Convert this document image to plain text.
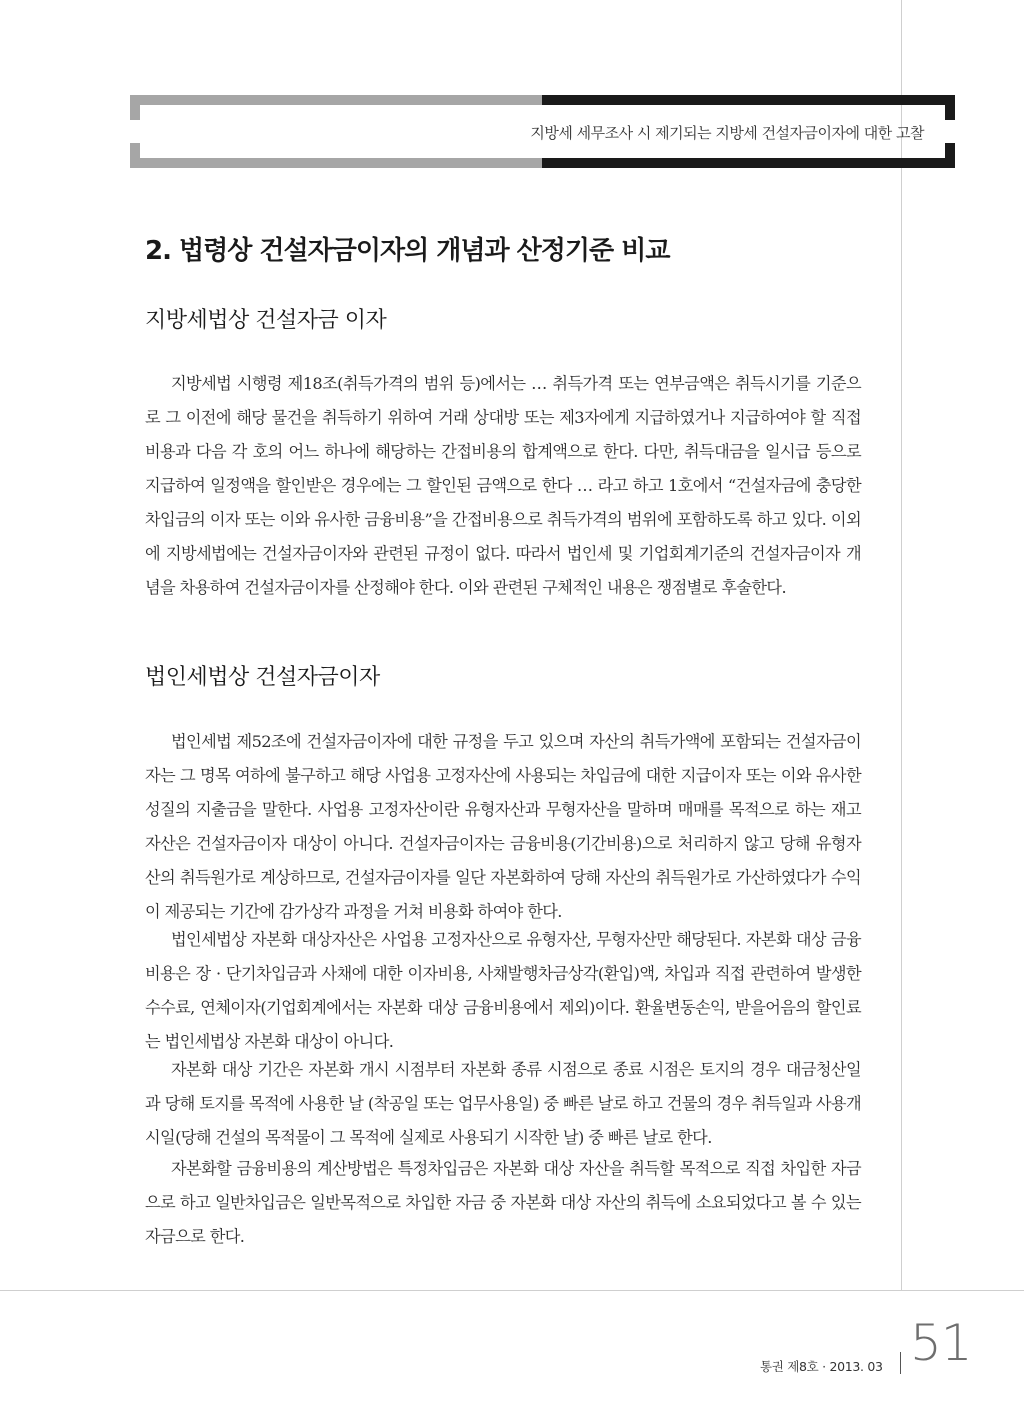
지방세 세무조사 시 제기되는 지방세 건설자금이자에 대한 고찰
2. 법령상 건설자금이자의 개념과 산정기준 비교
지방세법상 건설자금 이자

지방세법 시행령 제18조(취득가격의 범위 등)에서는 … 취득가격 또는 연부금액은 취득시기를 기준으로 그 이전에 해당 물건을 취득하기 위하여 거래 상대방 또는 제3자에게 지급하였거나 지급하여야 할 직접비용과 다음 각 호의 어느 하나에 해당하는 간접비용의 합계액으로 한다. 다만, 취득대금을 일시급 등으로 지급하여 일정액을 할인받은 경우에는 그 할인된 금액으로 한다 … 라고 하고 1호에서 “건설자금에 충당한 차입금의 이자 또는 이와 유사한 금융비용”을 간접비용으로 취득가격의 범위에 포함하도록 하고 있다. 이외에 지방세법에는 건설자금이자와 관련된 규정이 없다. 따라서 법인세 및 기업회계기준의 건설자금이자 개념을 차용하여 건설자금이자를 산정해야 한다. 이와 관련된 구체적인 내용은 쟁점별로 후술한다.

법인세법상 건설자금이자

법인세법 제52조에 건설자금이자에 대한 규정을 두고 있으며 자산의 취득가액에 포함되는 건설자금이자는 그 명목 여하에 불구하고 해당 사업용 고정자산에 사용되는 차입금에 대한 지급이자 또는 이와 유사한 성질의 지출금을 말한다. 사업용 고정자산이란 유형자산과 무형자산을 말하며 매매를 목적으로 하는 재고자산은 건설자금이자 대상이 아니다. 건설자금이자는 금융비용(기간비용)으로 처리하지 않고 당해 유형자산의 취득원가로 계상하므로, 건설자금이자를 일단 자본화하여 당해 자산의 취득원가로 가산하였다가 수익이 제공되는 기간에 감가상각 과정을 거쳐 비용화 하여야 한다.

법인세법상 자본화 대상자산은 사업용 고정자산으로 유형자산, 무형자산만 해당된다. 자본화 대상 금융비용은 장 · 단기차입금과 사채에 대한 이자비용, 사채발행차금상각(환입)액, 차입과 직접 관련하여 발생한 수수료, 연체이자(기업회계에서는 자본화 대상 금융비용에서 제외)이다. 환율변동손익, 받을어음의 할인료는 법인세법상 자본화 대상이 아니다.

자본화 대상 기간은 자본화 개시 시점부터 자본화 종류 시점으로 종료 시점은 토지의 경우 대금청산일과 당해 토지를 목적에 사용한 날 (착공일 또는 업무사용일) 중 빠른 날로 하고 건물의 경우 취득일과 사용개시일(당해 건설의 목적물이 그 목적에 실제로 사용되기 시작한 날) 중 빠른 날로 한다.

자본화할 금융비용의 계산방법은 특정차입금은 자본화 대상 자산을 취득할 목적으로 직접 차입한 자금으로 하고 일반차입금은 일반목적으로 차입한 자금 중 자본화 대상 자산의 취득에 소요되었다고 볼 수 있는 자금으로 한다.

통권 제8호 · 2013. 03 51
